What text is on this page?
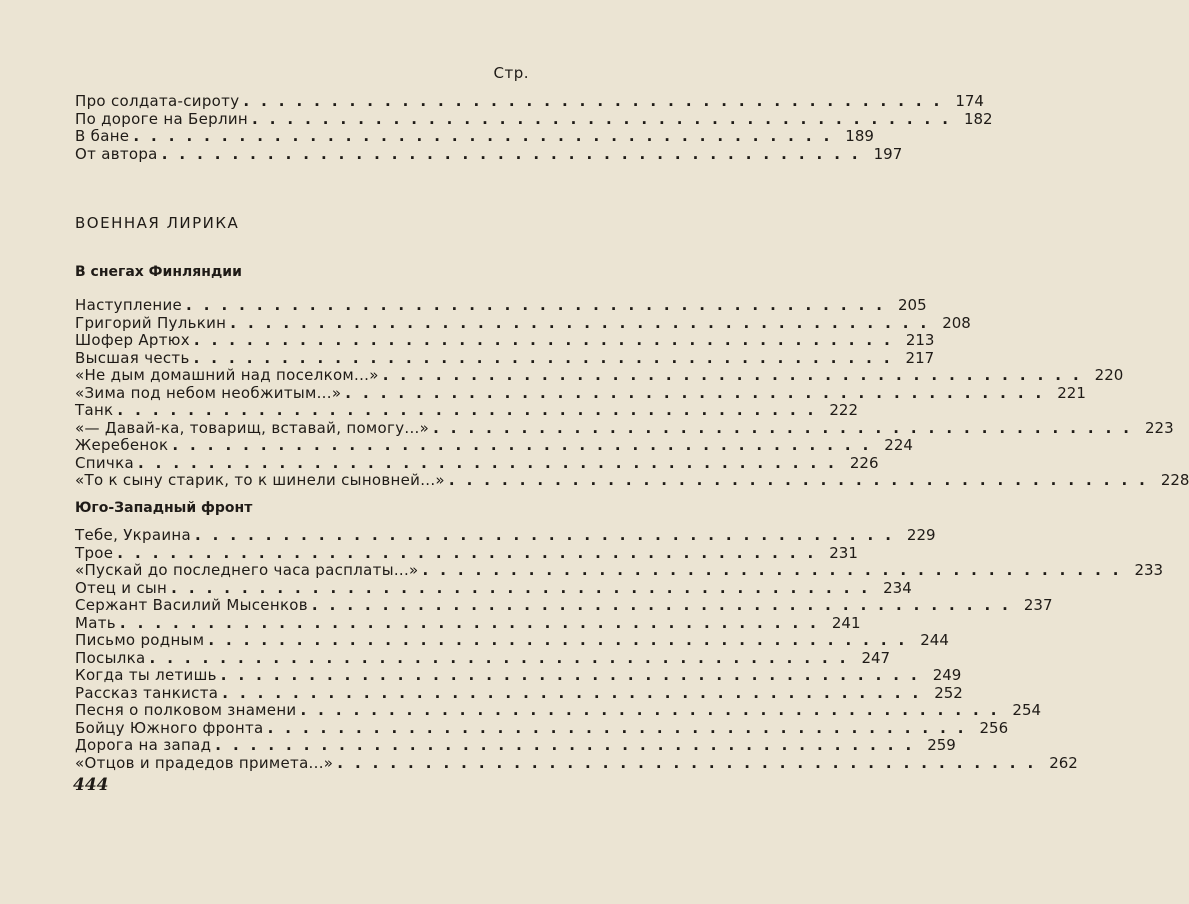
Стр.
Про солдата-сироту ........................................ 174
По дороге на Берлин ........................................ 182
В бане ........................................ 189
От автора ........................................ 197
ВОЕННАЯ ЛИРИКА
В снегах Финляндии
Наступление ........................................ 205
Григорий Пулькин ........................................ 208
Шофер Артюх ........................................ 213
Высшая честь ........................................ 217
«Не дым домашний над поселком...» ........................................ 220
«Зима под небом необжитым...» ........................................ 221
Танк ........................................ 222
«— Давай-ка, товарищ, вставай, помогу...» ........................................ 223
Жеребенок ........................................ 224
Спичка ........................................ 226
«То к сыну старик, то к шинели сыновней...» ........................................ 228
Юго-Западный фронт
Тебе, Украина ........................................ 229
Трое ........................................ 231
«Пускай до последнего часа расплаты...» ........................................ 233
Отец и сын ........................................ 234
Сержант Василий Мысенков ........................................ 237
Мать ........................................ 241
Письмо родным ........................................ 244
Посылка ........................................ 247
Когда ты летишь ........................................ 249
Рассказ танкиста ........................................ 252
Песня о полковом знамени ........................................ 254
Бойцу Южного фронта ........................................ 256
Дорога на запад ........................................ 259
«Отцов и прадедов примета...» ........................................ 262
444
